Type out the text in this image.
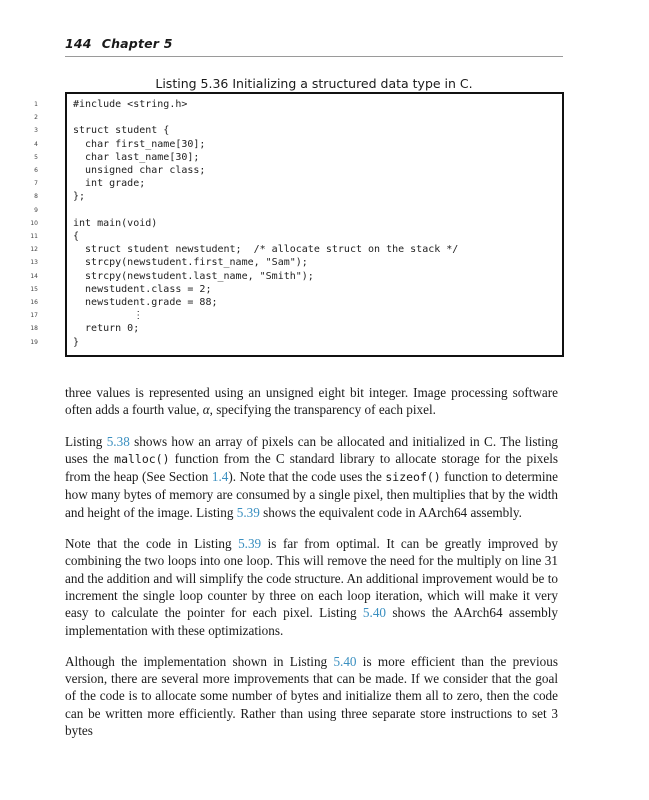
144 Chapter 5
Listing 5.36 Initializing a structured data type in C.
#include <string.h>
struct student {
char first_name[30];
char last_name[30];
unsigned char class;
int grade;
};
int main(void)
{
struct student newstudent; /* allocate struct on the stack */
strcpy(newstudent.first_name, "Sam");
strcpy(newstudent.last_name, "Smith");
newstudent.class = 2;
newstudent.grade = 88;
⋮
return 0;
}
1
2
3
4
5
6
7
8
9
10
11
12
13
14
15
16
17
18
19

three values is represented using an unsigned eight bit integer. Image processing software often adds a fourth value, α, specifying the transparency of each pixel.

Listing 5.38 shows how an array of pixels can be allocated and initialized in C. The listing uses the malloc() function from the C standard library to allocate storage for the pixels from the heap (See Section 1.4). Note that the code uses the sizeof() function to determine how many bytes of memory are consumed by a single pixel, then multiplies that by the width and height of the image. Listing 5.39 shows the equivalent code in AArch64 assembly.

Note that the code in Listing 5.39 is far from optimal. It can be greatly improved by combining the two loops into one loop. This will remove the need for the multiply on line 31 and the addition and will simplify the code structure. An additional improvement would be to increment the single loop counter by three on each loop iteration, which will make it very easy to calculate the pointer for each pixel. Listing 5.40 shows the AArch64 assembly implementation with these optimizations.

Although the implementation shown in Listing 5.40 is more efficient than the previous version, there are several more improvements that can be made. If we consider that the goal of the code is to allocate some number of bytes and initialize them all to zero, then the code can be written more efficiently. Rather than using three separate store instructions to set 3 bytes
